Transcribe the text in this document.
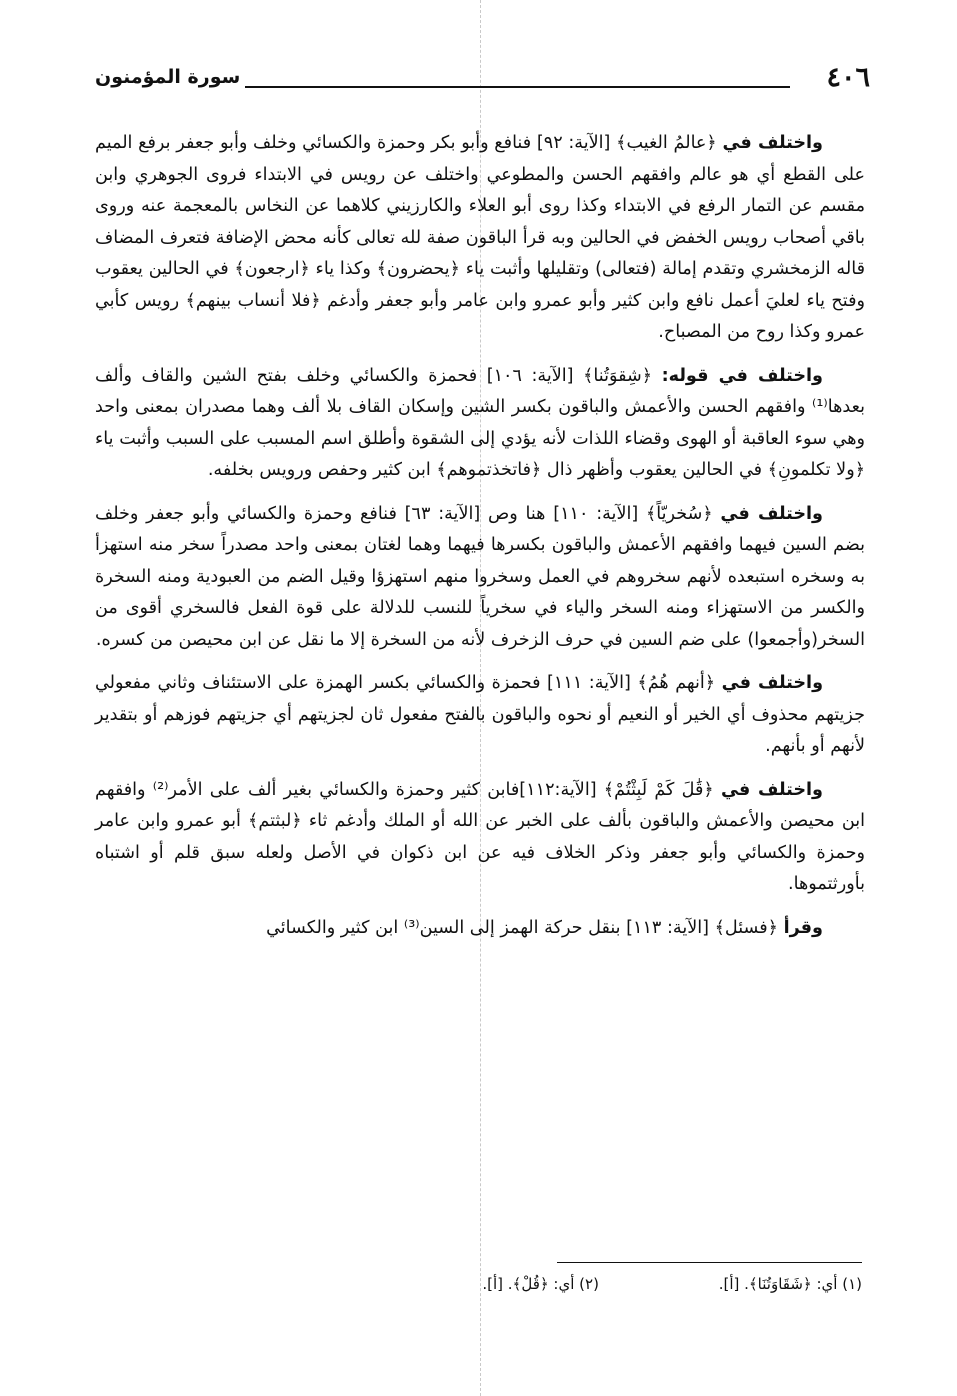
٤٠٦
سورة المؤمنون

واختلف في ﴿عالمُ الغيب﴾ [الآية: ٩٢] فنافع وأبو بكر وحمزة والكسائي وخلف وأبو جعفر برفع الميم على القطع أي هو عالم وافقهم الحسن والمطوعي واختلف عن رويس في الابتداء فروى الجوهري وابن مقسم عن التمار الرفع في الابتداء وكذا روى أبو العلاء والكارزيني كلاهما عن النخاس بالمعجمة عنه وروى باقي أصحاب رويس الخفض في الحالين وبه قرأ الباقون صفة لله تعالى كأنه محض الإضافة فتعرف المضاف قاله الزمخشري وتقدم إمالة (فتعالى) وتقليلها وأثبت ياء ﴿يحضرون﴾ وكذا ياء ﴿ارجعون﴾ في الحالين يعقوب وفتح ياء لعليَ أعمل نافع وابن كثير وأبو عمرو وابن عامر وأبو جعفر وأدغم ﴿فلا أنساب بينهم﴾ رويس كأبي عمرو وكذا روح من المصباح.

واختلف في قوله: ﴿شِقوَتُنا﴾ [الآية: ١٠٦] فحمزة والكسائي وخلف بفتح الشين والقاف وألف بعدها⁽¹⁾ وافقهم الحسن والأعمش والباقون بكسر الشين وإسكان القاف بلا ألف وهما مصدران بمعنى واحد وهي سوء العاقبة أو الهوى وقضاء اللذات لأنه يؤدي إلى الشقوة وأطلق اسم المسبب على السبب وأثبت ياء ﴿ولا تكلمونِ﴾ في الحالين يعقوب وأظهر ذال ﴿فاتخذتموهم﴾ ابن كثير وحفص ورويس بخلفه.

واختلف في ﴿سُخريّاً﴾ [الآية: ١١٠] هنا وص [الآية: ٦٣] فنافع وحمزة والكسائي وأبو جعفر وخلف بضم السين فيهما وافقهم الأعمش والباقون بكسرها فيهما وهما لغتان بمعنى واحد مصدراً سخر منه استهزأ به وسخره استبعده لأنهم سخروهم في العمل وسخروا منهم استهزؤا وقيل الضم من العبودية ومنه السخرة والكسر من الاستهزاء ومنه السخر والياء في سخرياً للنسب للدلالة على قوة الفعل فالسخري أقوى من السخر(وأجمعوا) على ضم السين في حرف الزخرف لأنه من السخرة إلا ما نقل عن ابن محيصن من كسره.

واختلف في ﴿أنهم هُمُ﴾ [الآية: ١١١] فحمزة والكسائي بكسر الهمزة على الاستئناف وثاني مفعولي جزيتهم محذوف أي الخير أو النعيم أو نحوه والباقون بالفتح مفعول ثان لجزيتهم أي جزيتهم فوزهم أو بتقدير لأنهم أو بأنهم.

واختلف في ﴿قَٰلَ كَمْ لَبِثْتُمْ﴾ [الآية:١١٢]فابن كثير وحمزة والكسائي بغير ألف على الأمر⁽²⁾ وافقهم ابن محيصن والأعمش والباقون بألف على الخبر عن الله أو الملك وأدغم ثاء ﴿لبثتم﴾ أبو عمرو وابن عامر وحمزة والكسائي وأبو جعفر وذكر الخلاف فيه عن ابن ذكوان في الأصل ولعله سبق قلم أو اشتباه بأورثتموها.

وقرأ ﴿فسئل﴾ [الآية: ١١٣] بنقل حركة الهمز إلى السين⁽³⁾ ابن كثير والكسائي

(١) أي: ﴿شَقَاوَتُنَا﴾. [أ]. (٢) أي: ﴿قُلْ﴾. [أ].
